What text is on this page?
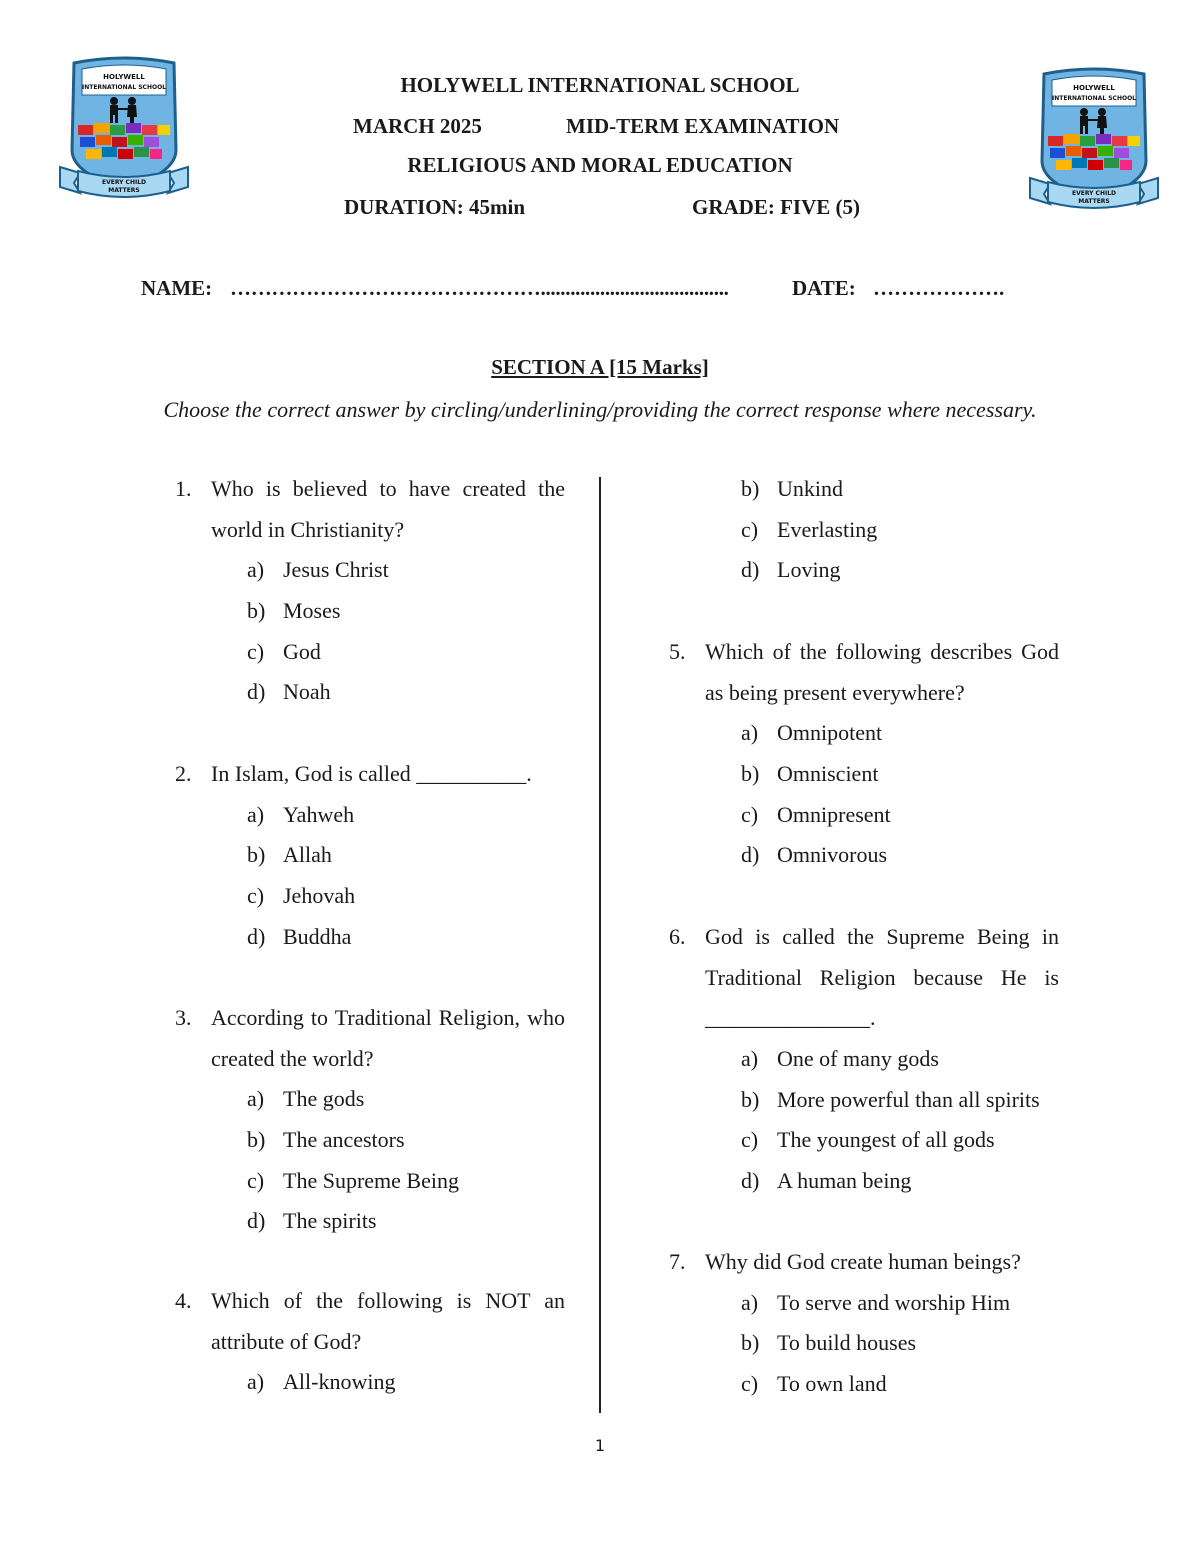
HOLYWELL
INTERNATIONAL SCHOOL
EVERY CHILD
MATTERS
HOLYWELL
INTERNATIONAL SCHOOL
EVERY CHILD
MATTERS
HOLYWELL INTERNATIONAL SCHOOL
MARCH 2025	MID-TERM EXAMINATION
RELIGIOUS AND MORAL EDUCATION
DURATION: 45min	GRADE: FIVE (5)
NAME: ………………………………………......................................	DATE: ……………….
SECTION A [15 Marks]
Choose the correct answer by circling/underlining/providing the correct response where necessary.
1. Who is believed to have created the world in Christianity?
a) Jesus Christ
b) Moses
c) God
d) Noah
2. In Islam, God is called __________.
a) Yahweh
b) Allah
c) Jehovah
d) Buddha
3. According to Traditional Religion, who created the world?
a) The gods
b) The ancestors
c) The Supreme Being
d) The spirits
4. Which of the following is NOT an attribute of God?
a) All-knowing
b) Unkind
c) Everlasting
d) Loving
5. Which of the following describes God as being present everywhere?
a) Omnipotent
b) Omniscient
c) Omnipresent
d) Omnivorous
6. God is called the Supreme Being in Traditional Religion because He is
_______________.
a) One of many gods
b) More powerful than all spirits
c) The youngest of all gods
d) A human being
7. Why did God create human beings?
a) To serve and worship Him
b) To build houses
c) To own land
1
